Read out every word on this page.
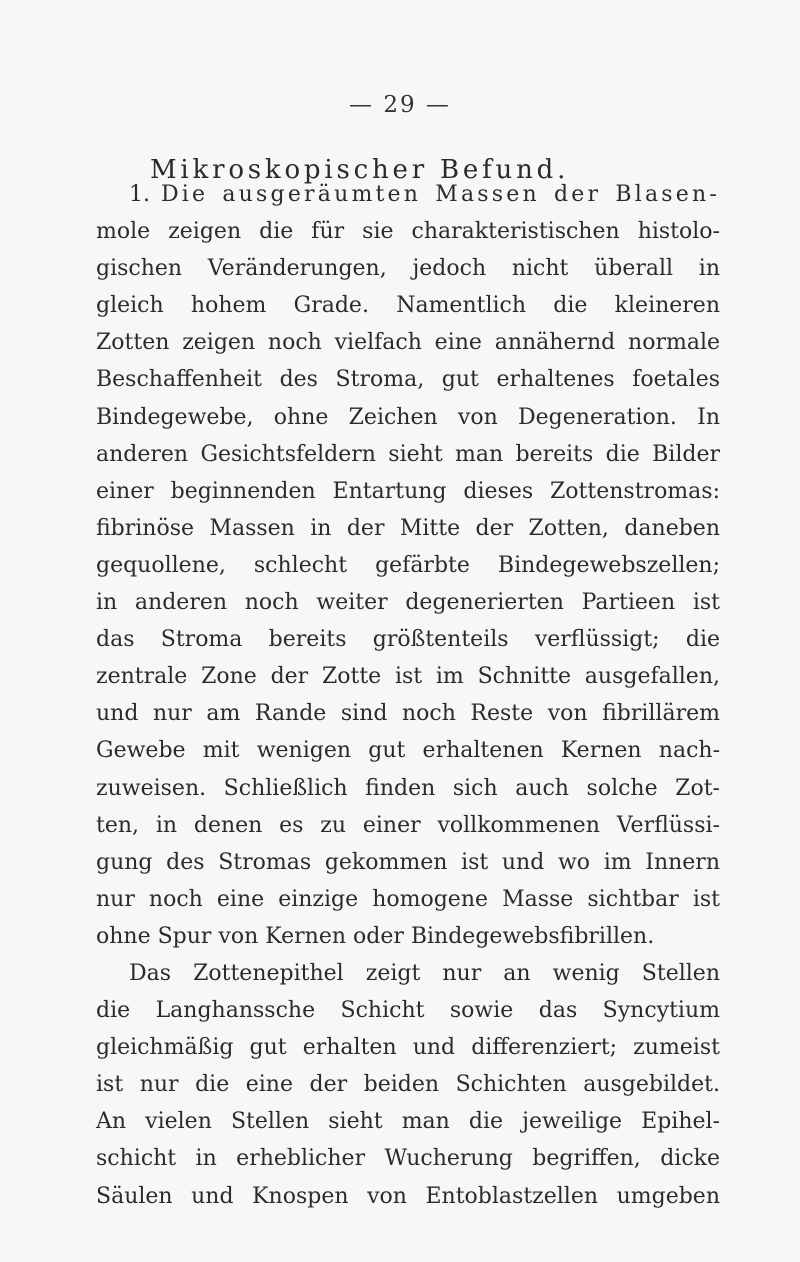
— 29 —
Mikroskopischer Befund.
1. Die ausgeräumten Massen der Blasen-
mole zeigen die für sie charakteristischen histolo-
gischen Veränderungen, jedoch nicht überall in
gleich hohem Grade. Namentlich die kleineren
Zotten zeigen noch vielfach eine annähernd normale
Beschaffenheit des Stroma, gut erhaltenes foetales
Bindegewebe, ohne Zeichen von Degeneration. In
anderen Gesichtsfeldern sieht man bereits die Bilder
einer beginnenden Entartung dieses Zottenstromas:
fibrinöse Massen in der Mitte der Zotten, daneben
gequollene, schlecht gefärbte Bindegewebszellen;
in anderen noch weiter degenerierten Partieen ist
das Stroma bereits größtenteils verflüssigt; die
zentrale Zone der Zotte ist im Schnitte ausgefallen,
und nur am Rande sind noch Reste von fibrillärem
Gewebe mit wenigen gut erhaltenen Kernen nach-
zuweisen. Schließlich finden sich auch solche Zot-
ten, in denen es zu einer vollkommenen Verflüssi-
gung des Stromas gekommen ist und wo im Innern
nur noch eine einzige homogene Masse sichtbar ist
ohne Spur von Kernen oder Bindegewebsfibrillen.
Das Zottenepithel zeigt nur an wenig Stellen
die Langhanssche Schicht sowie das Syncytium
gleichmäßig gut erhalten und differenziert; zumeist
ist nur die eine der beiden Schichten ausgebildet.
An vielen Stellen sieht man die jeweilige Epihel-
schicht in erheblicher Wucherung begriffen, dicke
Säulen und Knospen von Entoblastzellen umgeben
